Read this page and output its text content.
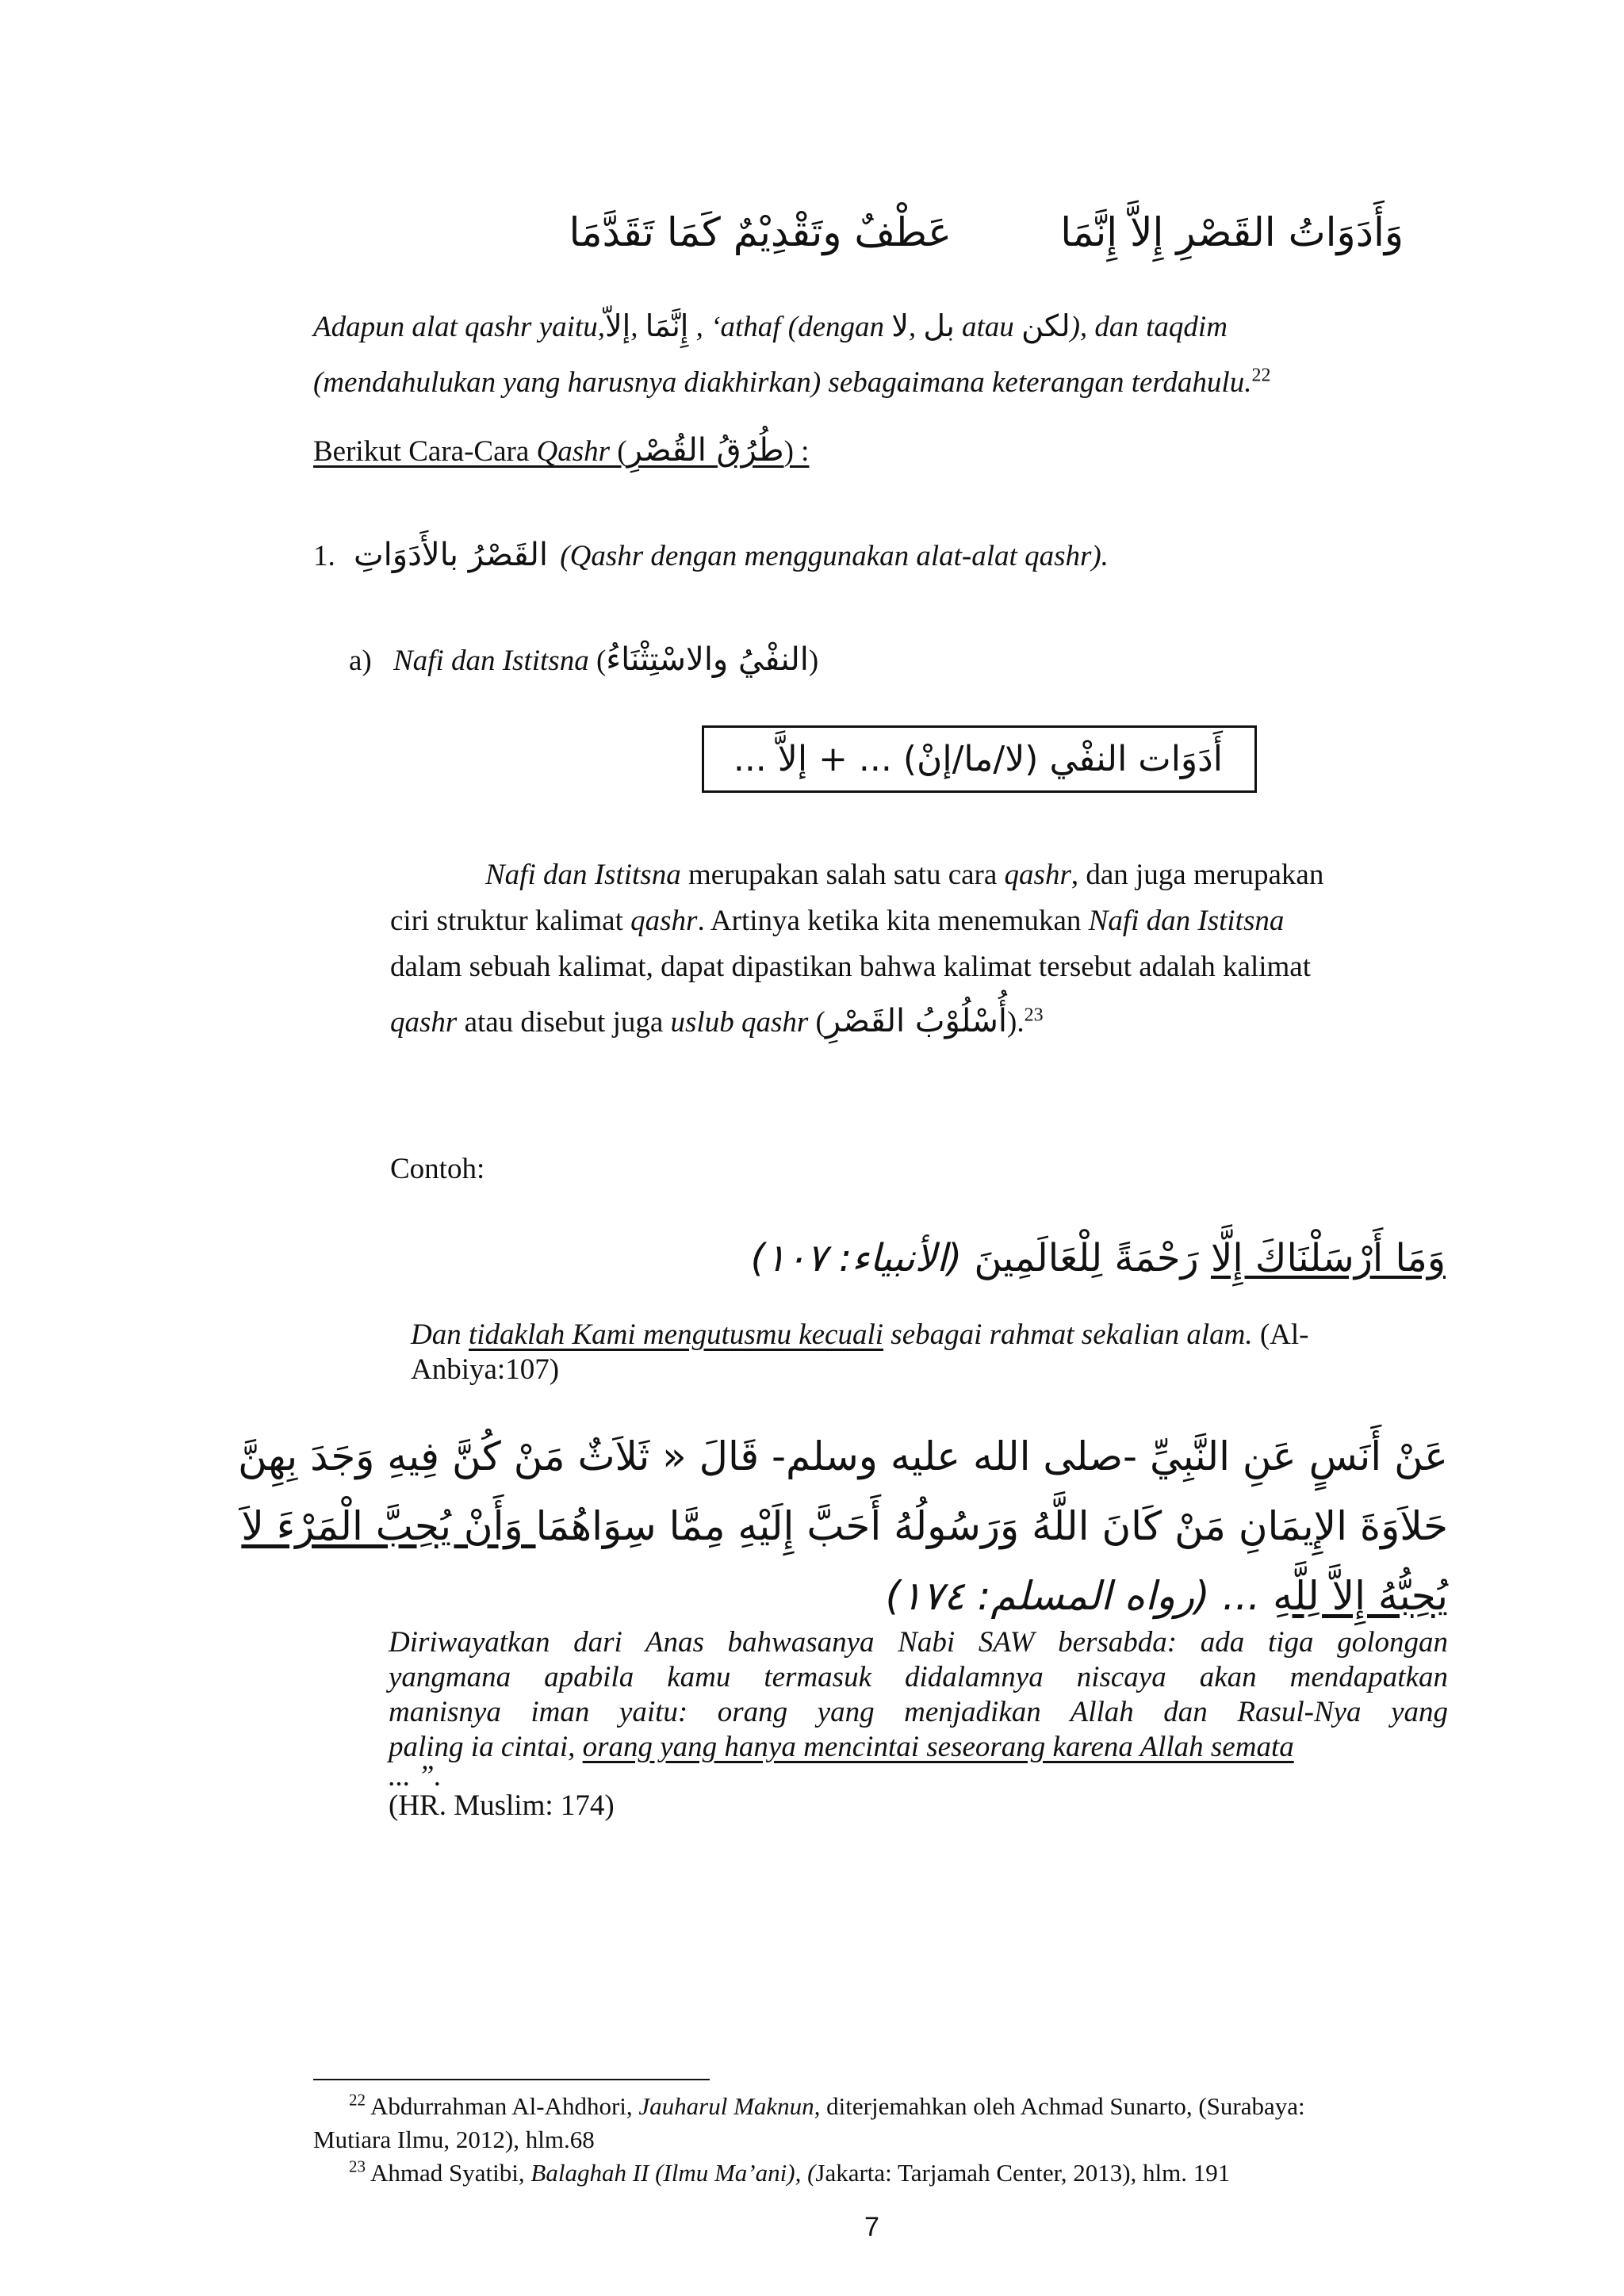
وَأَدَوَاتُ القَصْرِ إِلاَّ إِنَّمَا
عَطْفٌ وتَقْدِيْمٌ كَمَا تَقَدَّمَا
Adapun alat qashr yaitu,إلاّ, إِنَّمَا , ‘athaf (dengan لا, بل atau لكن), dan taqdim
(mendahulukan yang harusnya diakhirkan) sebagaimana keterangan terdahulu.$^{22}$
Berikut Cara-Cara Qashr (طُرُقُ القُصْرِ) :
1. القَصْرُ بالأَدَوَاتِ (Qashr dengan menggunakan alat-alat qashr).
a) Nafi dan Istitsna (النفْيُ والاسْتِثْنَاءُ)
أَدَوَات النفْي (لا/ما/إنْ) ... + إلاَّ ...
Nafi dan Istitsna merupakan salah satu cara qashr, dan juga merupakan
ciri struktur kalimat qashr. Artinya ketika kita menemukan Nafi dan Istitsna
dalam sebuah kalimat, dapat dipastikan bahwa kalimat tersebut adalah kalimat
qashr atau disebut juga uslub qashr (أُسْلُوْبُ القَصْرِ).$^{23}$
Contoh:
وَمَا أَرْسَلْنَاكَ إِلَّا رَحْمَةً لِلْعَالَمِينَ (الأنبياء: ١٠٧)
Dan tidaklah Kami mengutusmu kecuali sebagai rahmat sekalian alam. (Al-
Anbiya:107)
عَنْ أَنَسٍ عَنِ النَّبِيِّ -صلى الله عليه وسلم- قَالَ « ثَلاَثٌ مَنْ كُنَّ فِيهِ وَجَدَ بِهِنَّ
حَلاَوَةَ الإِيمَانِ مَنْ كَانَ اللَّهُ وَرَسُولُهُ أَحَبَّ إِلَيْهِ مِمَّا سِوَاهُمَا وَأَنْ يُحِبَّ الْمَرْءَ لاَ
يُحِبُّهُ إِلاَّ لِلَّهِ ... (رواه المسلم: ١٧٤)
Diriwayatkan dari Anas bahwasanya Nabi SAW bersabda: ada tiga golongan
yangmana apabila kamu termasuk didalamnya niscaya akan mendapatkan
manisnya iman yaitu: orang yang menjadikan Allah dan Rasul-Nya yang
paling ia cintai, orang yang hanya mencintai seseorang karena Allah semata
... ”.
(HR. Muslim: 174)
$^{22}$ Abdurrahman Al-Ahdhori, Jauharul Maknun, diterjemahkan oleh Achmad Sunarto, (Surabaya:
Mutiara Ilmu, 2012), hlm.68
$^{23}$ Ahmad Syatibi, Balaghah II (Ilmu Ma’ani), (Jakarta: Tarjamah Center, 2013), hlm. 191
7
